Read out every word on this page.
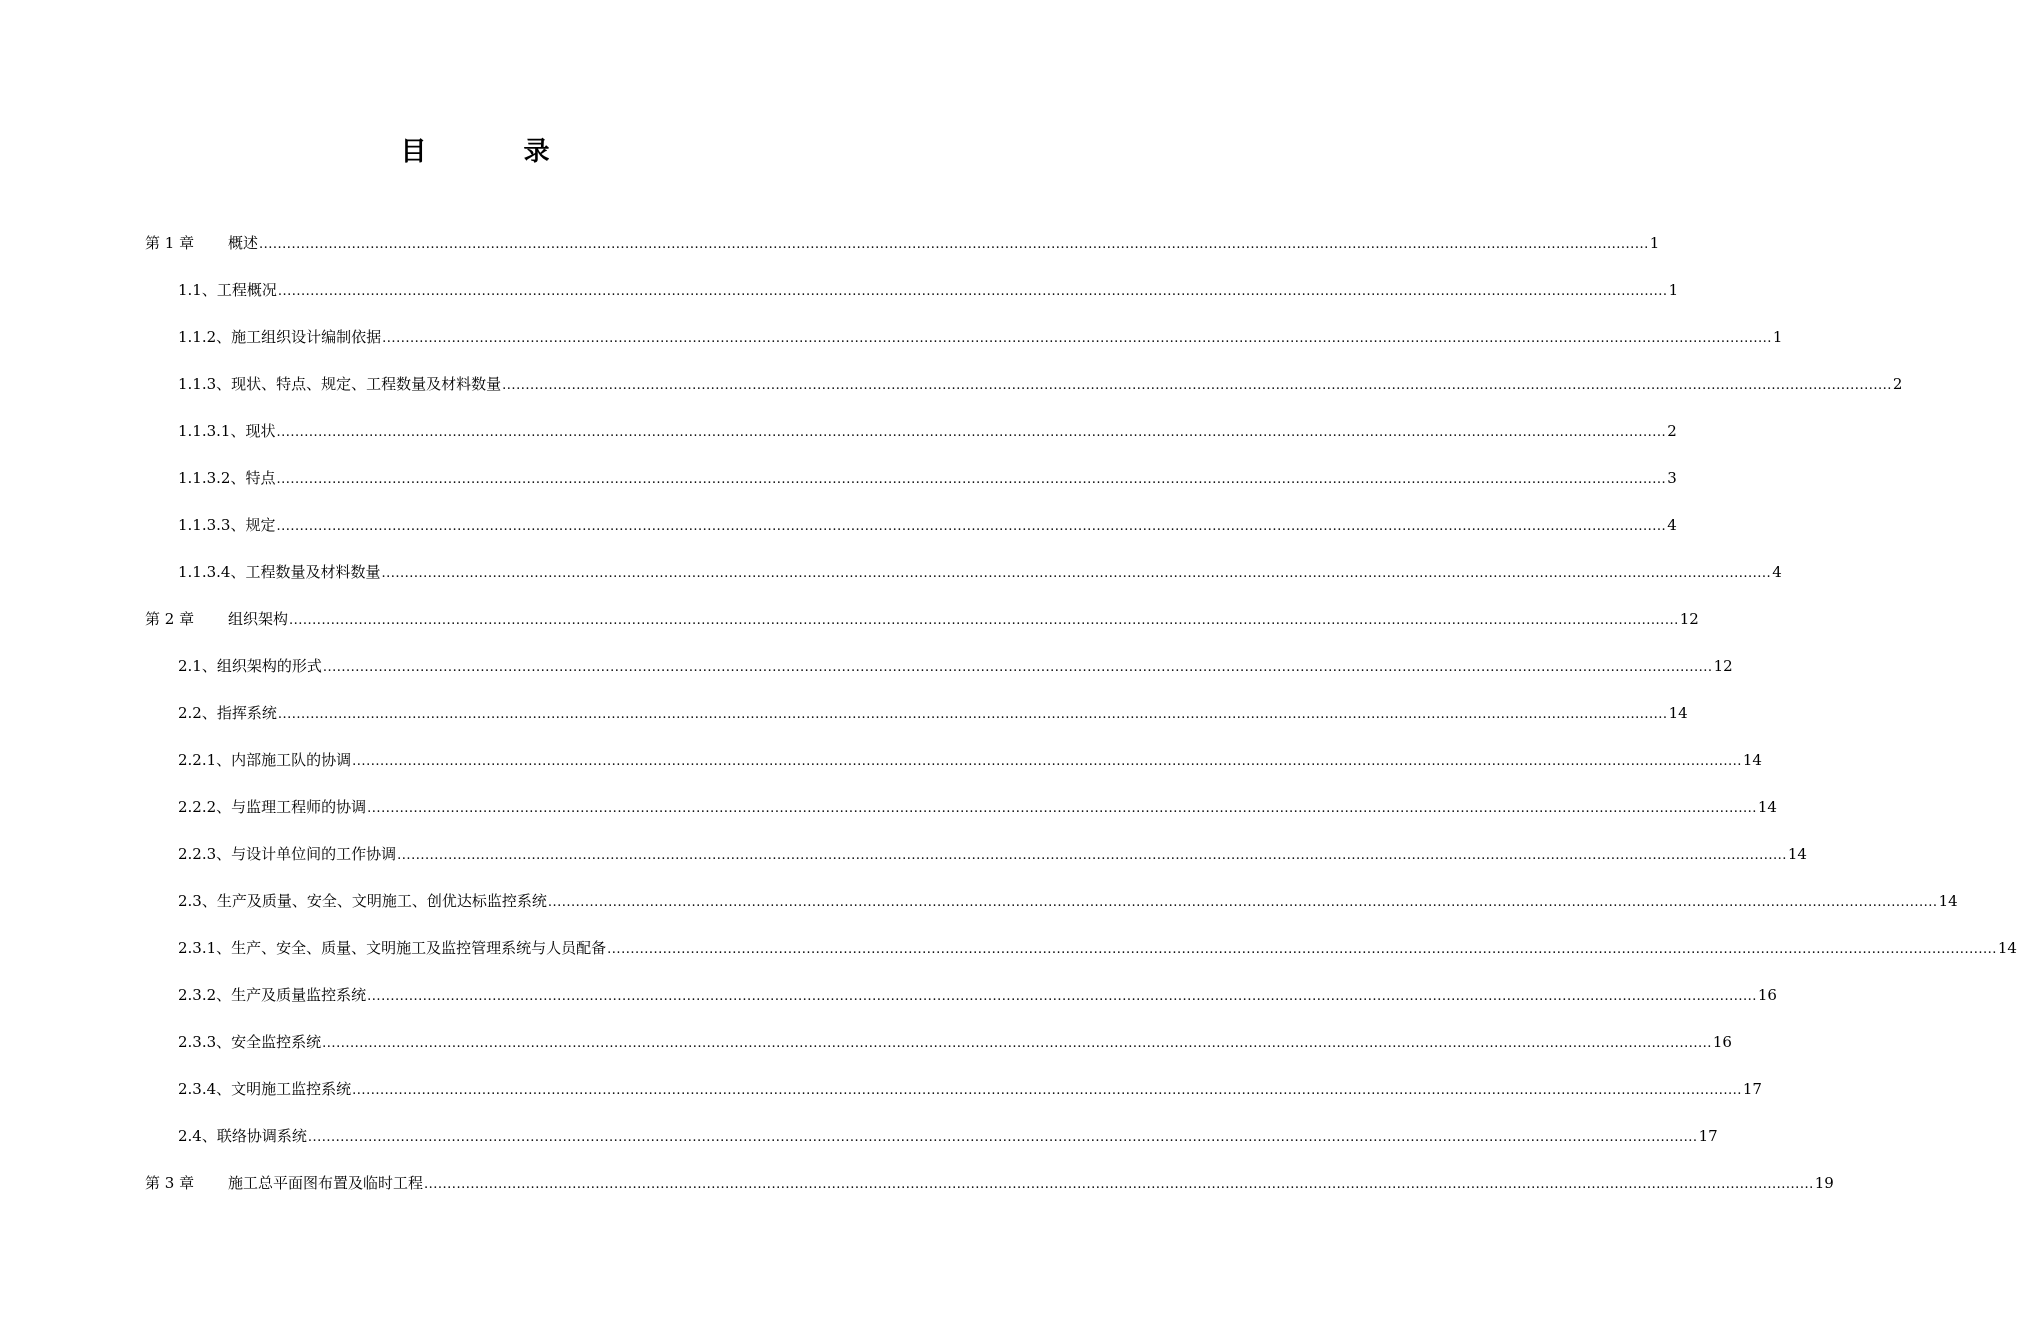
目 录
第 1 章	概述 ............................................................................................................................................................................................................................................................................................................ 1
1.1、工程概况 ............................................................................................................................................................................................................................................................................................................ 1
1.1.2、施工组织设计编制依据 ............................................................................................................................................................................................................................................................................................................ 1
1.1.3、现状、特点、规定、工程数量及材料数量 ............................................................................................................................................................................................................................................................................................................ 2
1.1.3.1、现状 ............................................................................................................................................................................................................................................................................................................ 2
1.1.3.2、特点 ............................................................................................................................................................................................................................................................................................................ 3
1.1.3.3、规定 ............................................................................................................................................................................................................................................................................................................ 4
1.1.3.4、工程数量及材料数量 ............................................................................................................................................................................................................................................................................................................ 4
第 2 章	组织架构 ............................................................................................................................................................................................................................................................................................................ 12
2.1、组织架构的形式 ............................................................................................................................................................................................................................................................................................................ 12
2.2、指挥系统 ............................................................................................................................................................................................................................................................................................................ 14
2.2.1、内部施工队的协调 ............................................................................................................................................................................................................................................................................................................ 14
2.2.2、与监理工程师的协调 ............................................................................................................................................................................................................................................................................................................ 14
2.2.3、与设计单位间的工作协调 ............................................................................................................................................................................................................................................................................................................ 14
2.3、生产及质量、安全、文明施工、创优达标监控系统 ............................................................................................................................................................................................................................................................................................................ 14
2.3.1、生产、安全、质量、文明施工及监控管理系统与人员配备 ............................................................................................................................................................................................................................................................................................................ 14
2.3.2、生产及质量监控系统 ............................................................................................................................................................................................................................................................................................................ 16
2.3.3、安全监控系统 ............................................................................................................................................................................................................................................................................................................ 16
2.3.4、文明施工监控系统 ............................................................................................................................................................................................................................................................................................................ 17
2.4、联络协调系统 ............................................................................................................................................................................................................................................................................................................ 17
第 3 章	施工总平面图布置及临时工程 ............................................................................................................................................................................................................................................................................................................ 19
